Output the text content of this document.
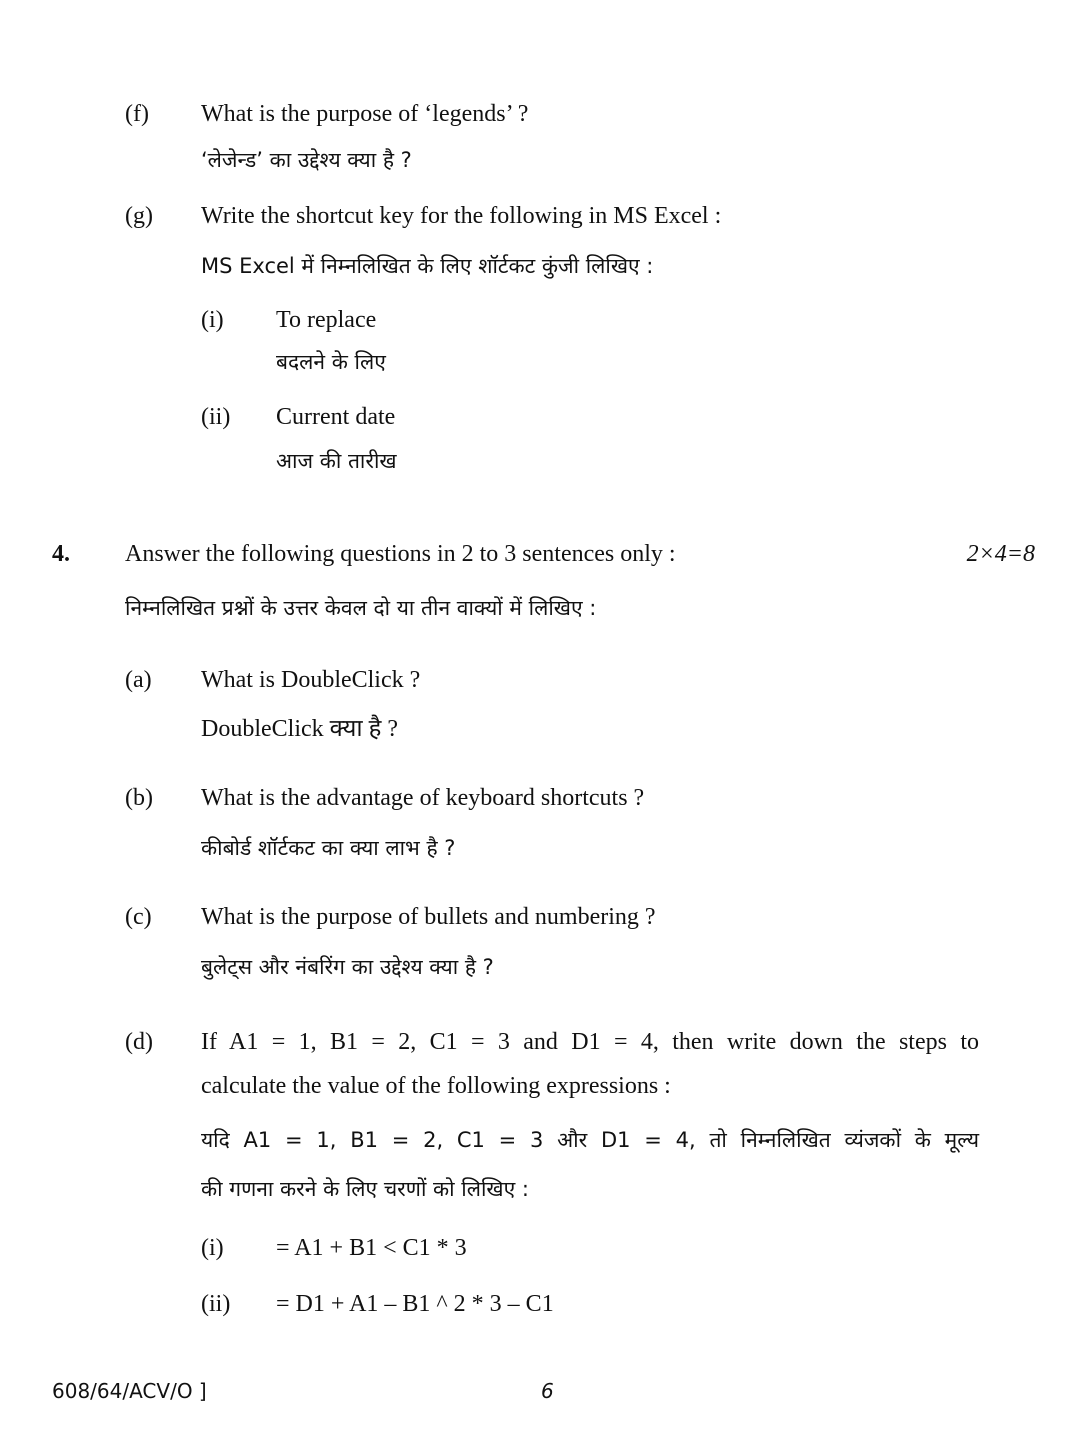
(f) What is the purpose of ‘legends’ ?
‘लेजेन्ड’ का उद्देश्य क्या है ?
(g) Write the shortcut key for the following in MS Excel :
MS Excel में निम्नलिखित के लिए शॉर्टकट कुंजी लिखिए :
(i) To replace
बदलने के लिए
(ii) Current date
आज की तारीख
4. Answer the following questions in 2 to 3 sentences only :	2×4=8
निम्नलिखित प्रश्नों के उत्तर केवल दो या तीन वाक्यों में लिखिए :
(a) What is DoubleClick ?
DoubleClick क्या है ?
(b) What is the advantage of keyboard shortcuts ?
कीबोर्ड शॉर्टकट का क्या लाभ है ?
(c) What is the purpose of bullets and numbering ?
बुलेट्स और नंबरिंग का उद्देश्य क्या है ?
(d) If A1 = 1, B1 = 2, C1 = 3 and D1 = 4, then write down the steps to
calculate the value of the following expressions :
यदि A1 = 1, B1 = 2, C1 = 3 और D1 = 4, तो निम्नलिखित व्यंजकों के मूल्य
की गणना करने के लिए चरणों को लिखिए :
(i) = A1 + B1 < C1 * 3
(ii) = D1 + A1 – B1 ^ 2 * 3 – C1
608/64/ACV/O ]	6
